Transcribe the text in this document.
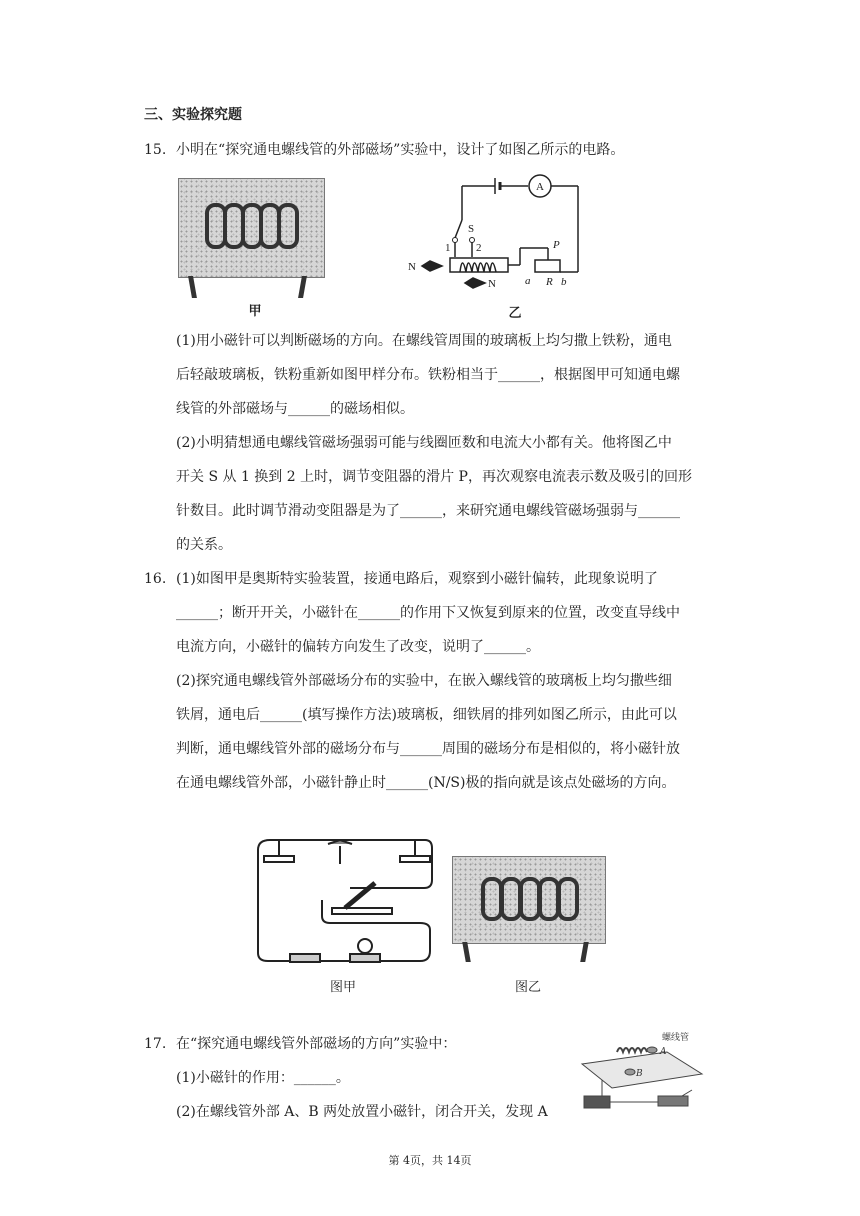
三、实验探究题
15. 小明在“探究通电螺线管的外部磁场”实验中，设计了如图乙所示的电路。
甲
A
S
1 2	P
N
N	a R b
乙
(1)用小磁针可以判断磁场的方向。在螺线管周围的玻璃板上均匀撒上铁粉，通电
后轻敲玻璃板，铁粉重新如图甲样分布。铁粉相当于______，根据图甲可知通电螺
线管的外部磁场与______的磁场相似。
(2)小明猜想通电螺线管磁场强弱可能与线圈匝数和电流大小都有关。他将图乙中
开关 S 从 1 换到 2 上时，调节变阻器的滑片 P，再次观察电流表示数及吸引的回形
针数目。此时调节滑动变阻器是为了______，来研究通电螺线管磁场强弱与______
的关系。
16. (1)如图甲是奥斯特实验装置，接通电路后，观察到小磁针偏转，此现象说明了
______；断开开关，小磁针在______的作用下又恢复到原来的位置，改变直导线中
电流方向，小磁针的偏转方向发生了改变，说明了______。
(2)探究通电螺线管外部磁场分布的实验中，在嵌入螺线管的玻璃板上均匀撒些细
铁屑，通电后______(填写操作方法)玻璃板，细铁屑的排列如图乙所示，由此可以
判断，通电螺线管外部的磁场分布与______周围的磁场分布是相似的，将小磁针放
在通电螺线管外部，小磁针静止时______(N/S)极的指向就是该点处磁场的方向。
图甲	图乙
17. 在“探究通电螺线管外部磁场的方向”实验中：
(1)小磁针的作用：______。
(2)在螺线管外部 A、B 两处放置小磁针，闭合开关，发现 A
螺线管
A
B
第 4页，共 14页
